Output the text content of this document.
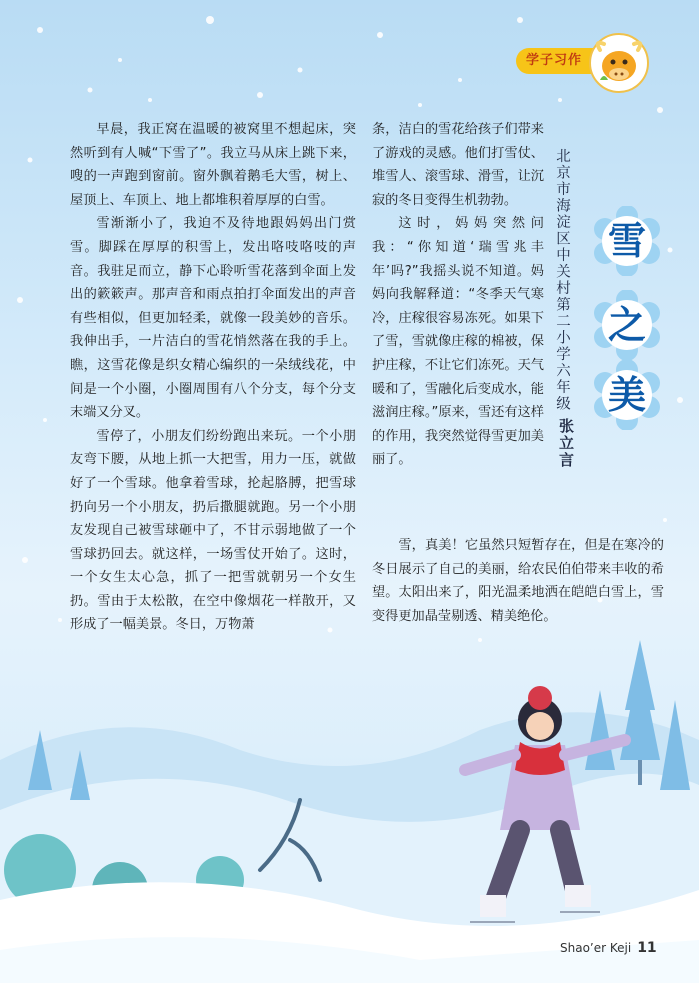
学子习作

早晨，我正窝在温暖的被窝里不想起床，突然听到有人喊“下雪了”。我立马从床上跳下来，嗖的一声跑到窗前。窗外飘着鹅毛大雪，树上、屋顶上、车顶上、地上都堆积着厚厚的白雪。

雪渐渐小了，我迫不及待地跟妈妈出门赏雪。脚踩在厚厚的积雪上，发出咯吱咯吱的声音。我驻足而立，静下心聆听雪花落到伞面上发出的簌簌声。那声音和雨点拍打伞面发出的声音有些相似，但更加轻柔，就像一段美妙的音乐。我伸出手，一片洁白的雪花悄然落在我的手上。瞧，这雪花像是织女精心编织的一朵绒线花，中间是一个小圈，小圈周围有八个分支，每个分支末端又分叉。

雪停了，小朋友们纷纷跑出来玩。一个小朋友弯下腰，从地上抓一大把雪，用力一压，就做好了一个雪球。他拿着雪球，抡起胳膊，把雪球扔向另一个小朋友，扔后撒腿就跑。另一个小朋友发现自己被雪球砸中了，不甘示弱地做了一个雪球扔回去。就这样，一场雪仗开始了。这时，一个女生太心急，抓了一把雪就朝另一个女生扔。雪由于太松散，在空中像烟花一样散开，又形成了一幅美景。冬日，万物萧

条，洁白的雪花给孩子们带来了游戏的灵感。他们打雪仗、堆雪人、滚雪球、滑雪，让沉寂的冬日变得生机勃勃。

这时，妈妈突然问我：“你知道‘瑞雪兆丰年’吗?”我摇头说不知道。妈妈向我解释道：“冬季天气寒冷，庄稼很容易冻死。如果下了雪，雪就像庄稼的棉被，保护庄稼，不让它们冻死。天气暖和了，雪融化后变成水，能滋润庄稼。”原来，雪还有这样的作用，我突然觉得雪更加美丽了。

雪，真美！它虽然只短暂存在，但是在寒冷的冬日展示了自己的美丽，给农民伯伯带来丰收的希望。太阳出来了，阳光温柔地洒在皑皑白雪上，雪变得更加晶莹剔透、精美绝伦。

北京市海淀区中关村第二小学六年级
张立言
雪
之
美
Shao’er Keji 11
